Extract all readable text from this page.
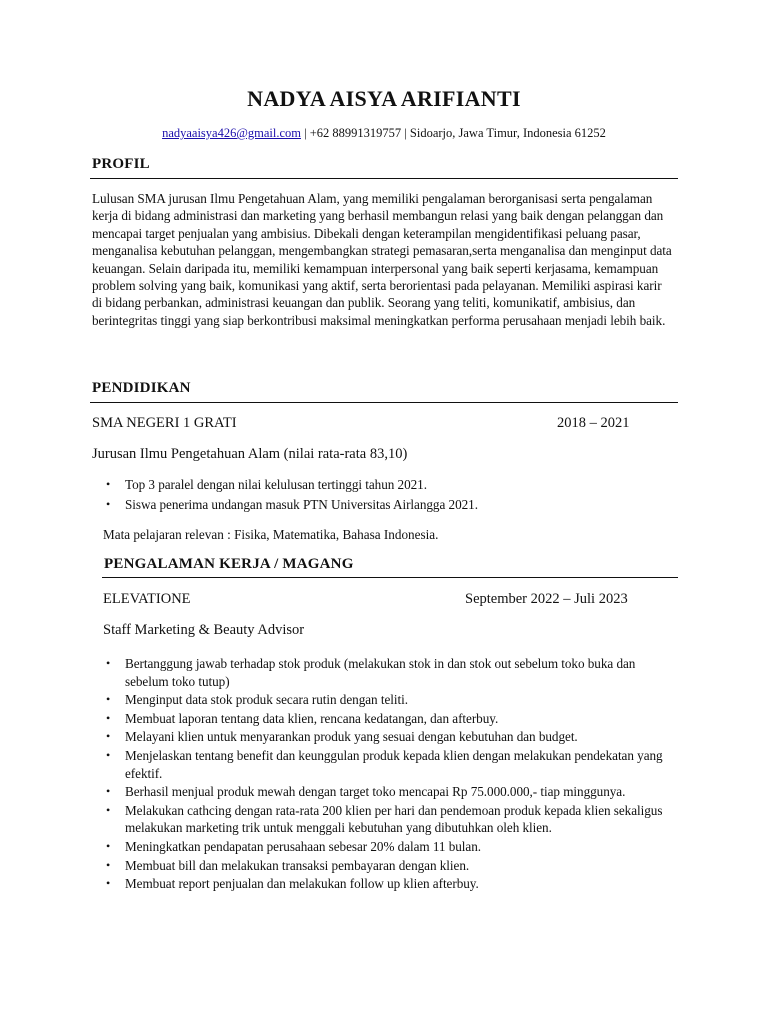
NADYA AISYA ARIFIANTI
nadyaaisya426@gmail.com | +62 88991319757 | Sidoarjo, Jawa Timur, Indonesia 61252
PROFIL
Lulusan SMA jurusan Ilmu Pengetahuan Alam, yang memiliki pengalaman berorganisasi serta pengalaman kerja di bidang administrasi dan marketing yang berhasil membangun relasi yang baik dengan pelanggan dan mencapai target penjualan yang ambisius. Dibekali dengan keterampilan mengidentifikasi peluang pasar, menganalisa kebutuhan pelanggan, mengembangkan strategi pemasaran,serta menganalisa dan menginput data keuangan. Selain daripada itu, memiliki kemampuan interpersonal yang baik seperti kerjasama, kemampuan problem solving yang baik, komunikasi yang aktif, serta berorientasi pada pelayanan. Memiliki aspirasi karir di bidang perbankan, administrasi keuangan dan publik. Seorang yang teliti, komunikatif, ambisius, dan berintegritas tinggi yang siap berkontribusi maksimal meningkatkan performa perusahaan menjadi lebih baik.
PENDIDIKAN
SMA NEGERI 1 GRATI	2018 – 2021
Jurusan Ilmu Pengetahuan Alam (nilai rata-rata 83,10)
• Top 3 paralel dengan nilai kelulusan tertinggi tahun 2021.
• Siswa penerima undangan masuk PTN Universitas Airlangga 2021.
Mata pelajaran relevan : Fisika, Matematika, Bahasa Indonesia.
PENGALAMAN KERJA / MAGANG
ELEVATIONE	September 2022 – Juli 2023
Staff Marketing & Beauty Advisor
• Bertanggung jawab terhadap stok produk (melakukan stok in dan stok out sebelum toko buka dan sebelum toko tutup)
• Menginput data stok produk secara rutin dengan teliti.
• Membuat laporan tentang data klien, rencana kedatangan, dan afterbuy.
• Melayani klien untuk menyarankan produk yang sesuai dengan kebutuhan dan budget.
• Menjelaskan tentang benefit dan keunggulan produk kepada klien dengan melakukan pendekatan yang efektif.
• Berhasil menjual produk mewah dengan target toko mencapai Rp 75.000.000,- tiap minggunya.
• Melakukan cathcing dengan rata-rata 200 klien per hari dan pendemoan produk kepada klien sekaligus melakukan marketing trik untuk menggali kebutuhan yang dibutuhkan oleh klien.
• Meningkatkan pendapatan perusahaan sebesar 20% dalam 11 bulan.
• Membuat bill dan melakukan transaksi pembayaran dengan klien.
• Membuat report penjualan dan melakukan follow up klien afterbuy.
